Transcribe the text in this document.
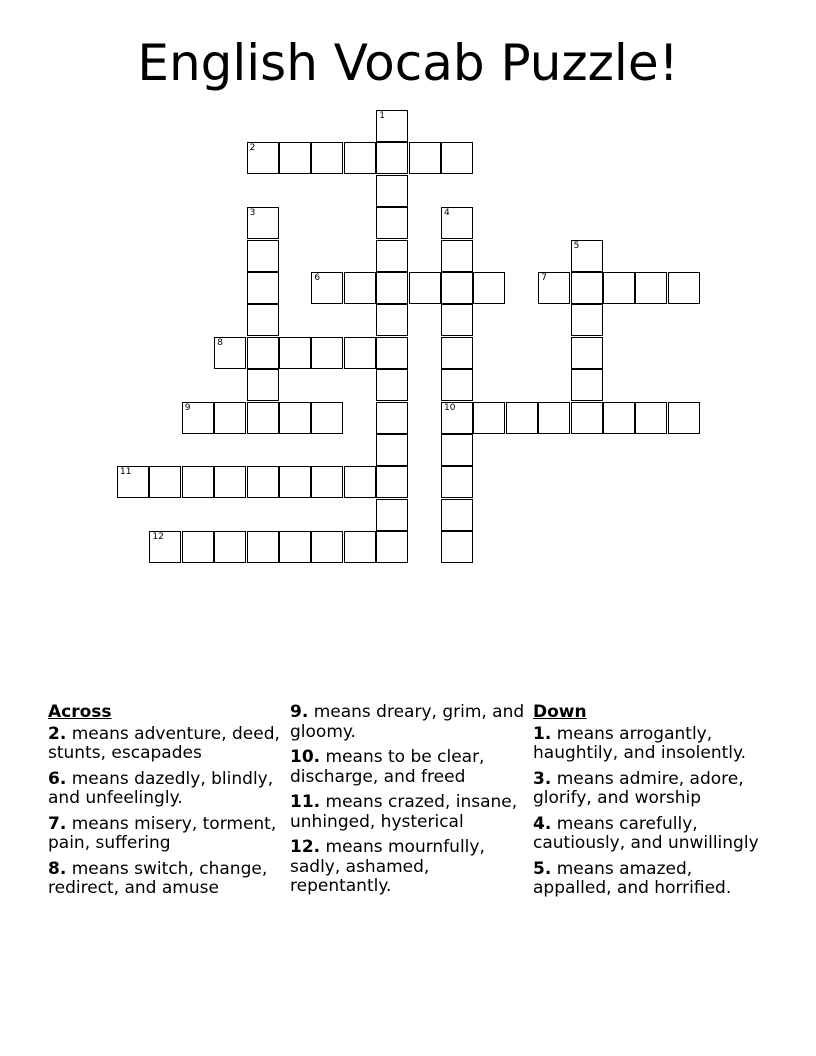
English Vocab Puzzle!
1
2
3	4
10
5
6	7
8
9
11
12
Across
2. means adventure, deed, stunts, escapades
6. means dazedly, blindly, and unfeelingly.
7. means misery, torment, pain, suffering
8. means switch, change, redirect, and amuse
9. means dreary, grim, and gloomy.
10. means to be clear, discharge, and freed
11. means crazed, insane, unhinged, hysterical
12. means mournfully, sadly, ashamed, repentantly.
Down
1. means arrogantly, haughtily, and insolently.
3. means admire, adore, glorify, and worship
4. means carefully, cautiously, and unwillingly
5. means amazed, appalled, and horrified.
